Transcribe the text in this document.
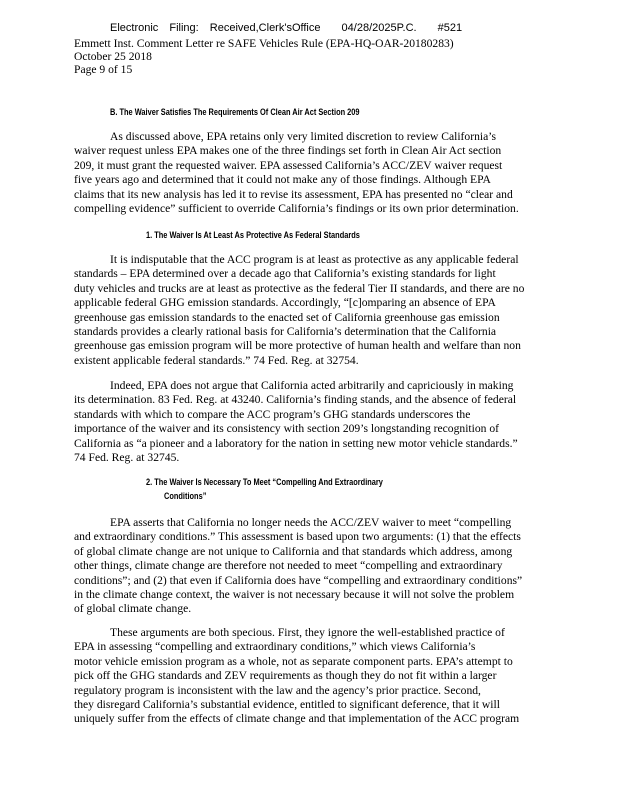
Electronic Filing: Received,Clerk'sOffice 04/28/2025P.C. #521
Emmett Inst. Comment Letter re SAFE Vehicles Rule (EPA-HQ-OAR-20180283)
October 25 2018
Page 9 of 15
B. The Waiver Satisfies The Requirements Of Clean Air Act Section 209

As discussed above, EPA retains only very limited discretion to review California’s

waiver request unless EPA makes one of the three findings set forth in Clean Air Act section

209, it must grant the requested waiver. EPA assessed California’s ACC/ZEV waiver request

five years ago and determined that it could not make any of those findings. Although EPA

claims that its new analysis has led it to revise its assessment, EPA has presented no “clear and

compelling evidence” sufficient to override California’s findings or its own prior determination.

1. The Waiver Is At Least As Protective As Federal Standards

It is indisputable that the ACC program is at least as protective as any applicable federal

standards – EPA determined over a decade ago that California’s existing standards for light

duty vehicles and trucks are at least as protective as the federal Tier II standards, and there are no

applicable federal GHG emission standards. Accordingly, “[c]omparing an absence of EPA

greenhouse gas emission standards to the enacted set of California greenhouse gas emission

standards provides a clearly rational basis for California’s determination that the California

greenhouse gas emission program will be more protective of human health and welfare than non

existent applicable federal standards.” 74 Fed. Reg. at 32754.

Indeed, EPA does not argue that California acted arbitrarily and capriciously in making

its determination. 83 Fed. Reg. at 43240. California’s finding stands, and the absence of federal

standards with which to compare the ACC program’s GHG standards underscores the

importance of the waiver and its consistency with section 209’s longstanding recognition of

California as “a pioneer and a laboratory for the nation in setting new motor vehicle standards.”

74 Fed. Reg. at 32745.

2. The Waiver Is Necessary To Meet “Compelling And Extraordinary
Conditions”

EPA asserts that California no longer needs the ACC/ZEV waiver to meet “compelling

and extraordinary conditions.” This assessment is based upon two arguments: (1) that the effects

of global climate change are not unique to California and that standards which address, among

other things, climate change are therefore not needed to meet “compelling and extraordinary

conditions”; and (2) that even if California does have “compelling and extraordinary conditions”

in the climate change context, the waiver is not necessary because it will not solve the problem

of global climate change.

These arguments are both specious. First, they ignore the well-established practice of

EPA in assessing “compelling and extraordinary conditions,” which views California’s

motor vehicle emission program as a whole, not as separate component parts. EPA’s attempt to

pick off the GHG standards and ZEV requirements as though they do not fit within a larger

regulatory program is inconsistent with the law and the agency’s prior practice. Second,

they disregard California’s substantial evidence, entitled to significant deference, that it will

uniquely suffer from the effects of climate change and that implementation of the ACC program
